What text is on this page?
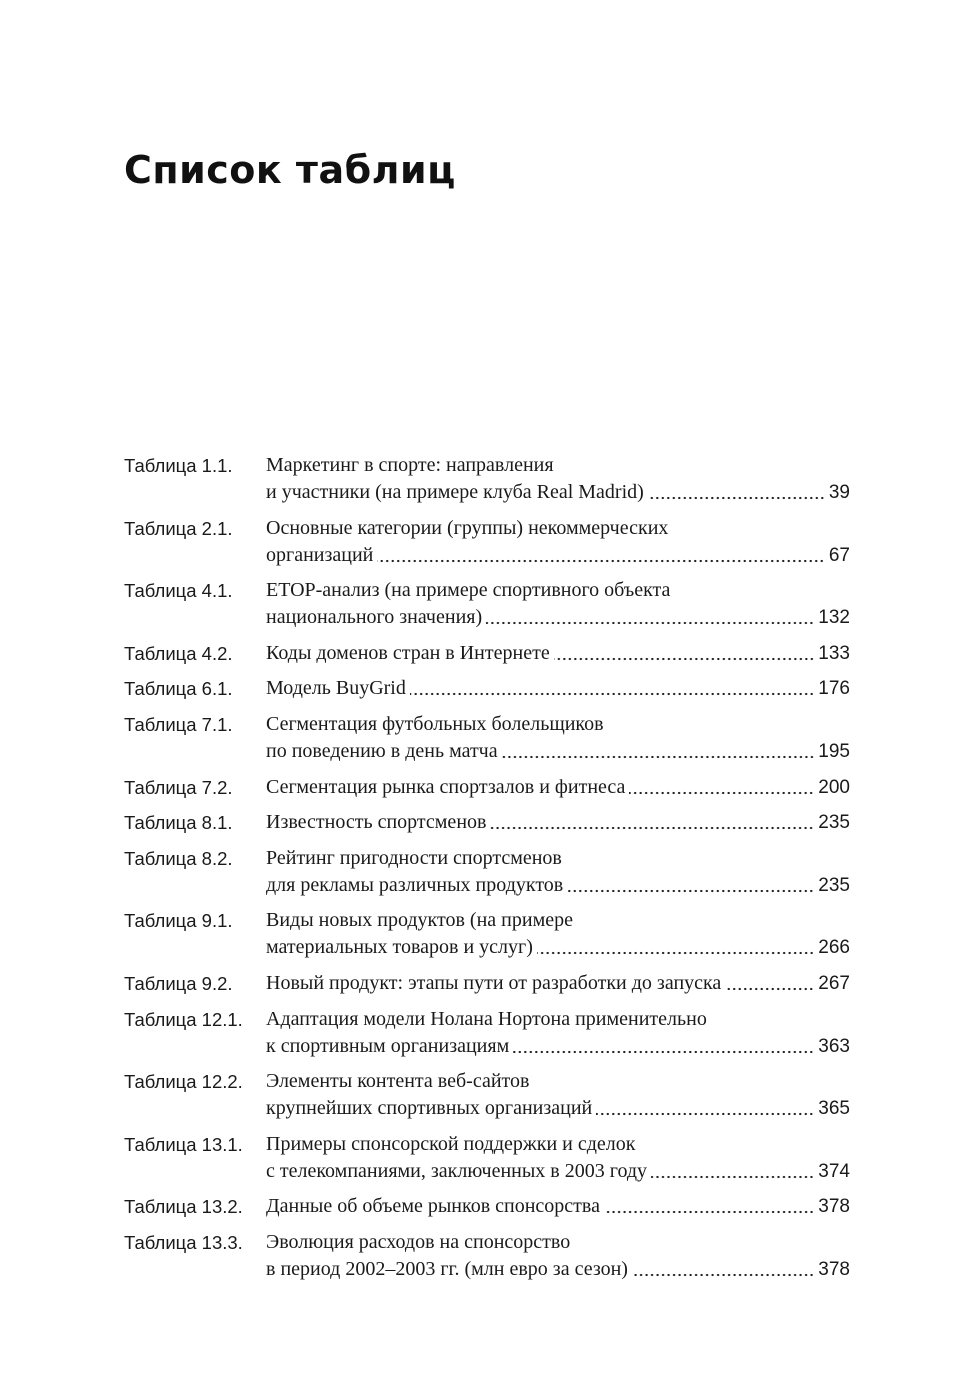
Список таблиц
Таблица 1.1.	Маркетинг в спорте: направления
и участники (на примере клуба Real Madrid)	39
Таблица 2.1.	Основные категории (группы) некоммерческих
организаций	67
Таблица 4.1.	ETOP-анализ (на примере спортивного объекта
национального значения)	132
Таблица 4.2.	Коды доменов стран в Интернете	133
Таблица 6.1.	Модель BuyGrid	176
Таблица 7.1.	Сегментация футбольных болельщиков
по поведению в день матча	195
Таблица 7.2.	Сегментация рынка спортзалов и фитнеса	200
Таблица 8.1.	Известность спортсменов	235
Таблица 8.2.	Рейтинг пригодности спортсменов
для рекламы различных продуктов	235
Таблица 9.1.	Виды новых продуктов (на примере
материальных товаров и услуг)	266
Таблица 9.2.	Новый продукт: этапы пути от разработки до запуска	267
Таблица 12.1.	Адаптация модели Нолана Нортона применительно
к спортивным организациям	363
Таблица 12.2.	Элементы контента веб-сайтов
крупнейших спортивных организаций	365
Таблица 13.1.	Примеры спонсорской поддержки и сделок
с телекомпаниями, заключенных в 2003 году	374
Таблица 13.2.	Данные об объеме рынков спонсорства	378
Таблица 13.3.	Эволюция расходов на спонсорство
в период 2002–2003 гг. (млн евро за сезон)	378
